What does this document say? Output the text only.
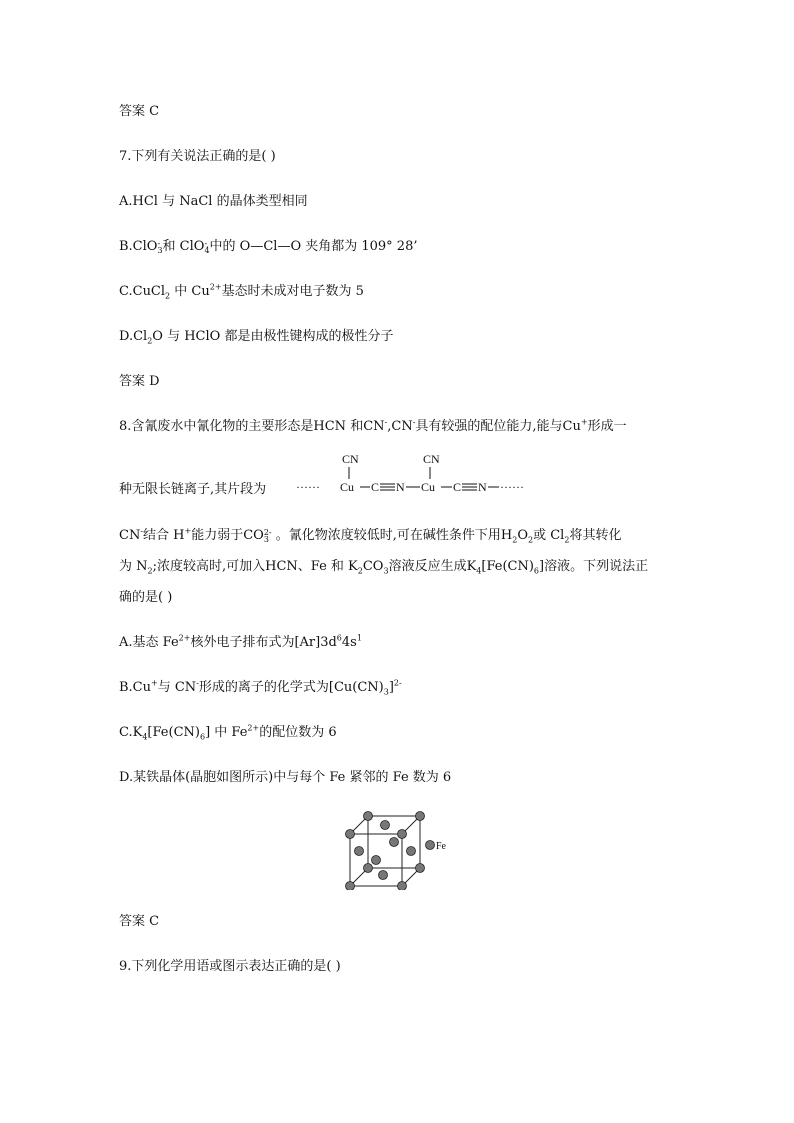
答案 C
7.下列有关说法正确的是( )
A.HCl 与 NaCl 的晶体类型相同
B.ClO -
3 和 ClO -
4 中的 O—Cl—O 夹角都为 109° 28’
C.CuCl$_2$ 中 $Cu^{2+}$基态时未成对电子数为 5
$D.Cl_2O$ 与 HClO 都是由极性键构成的极性分子
答案 D
8.含氰废水中氰化物的主要形态是HCN 和CN-,CN-具有较强的配位能力,能与Cu+形成一
种无限长链离子,其片段为 ······ Cu
CN
C N Cu
CN
C N ······
CN-结合 H+能力弱于CO 2-
3 。氰化物浓度较低时,可在碱性条件下用$H_2O_2$或 $Cl_2$将其转化
为 $N_2$;浓度较高时,可加入HCN、Fe 和 $K_2CO_3$溶液反应生成$K_4[Fe(CN)_6]$溶液。下列说法正
确的是( )
A.基态 $Fe^{2+}$核外电子排布式为$[Ar]3d^64s^1$
B.Cu+与 CN-形成的离子的化学式为$[Cu(CN)_3]^{2-}$
$C.K_4[Fe(CN)_6]$ 中 $Fe^{2+}$的配位数为 6
D.某铁晶体(晶胞如图所示)中与每个 Fe 紧邻的 Fe 数为 6
Fe
答案 C
9.下列化学用语或图示表达正确的是( )
